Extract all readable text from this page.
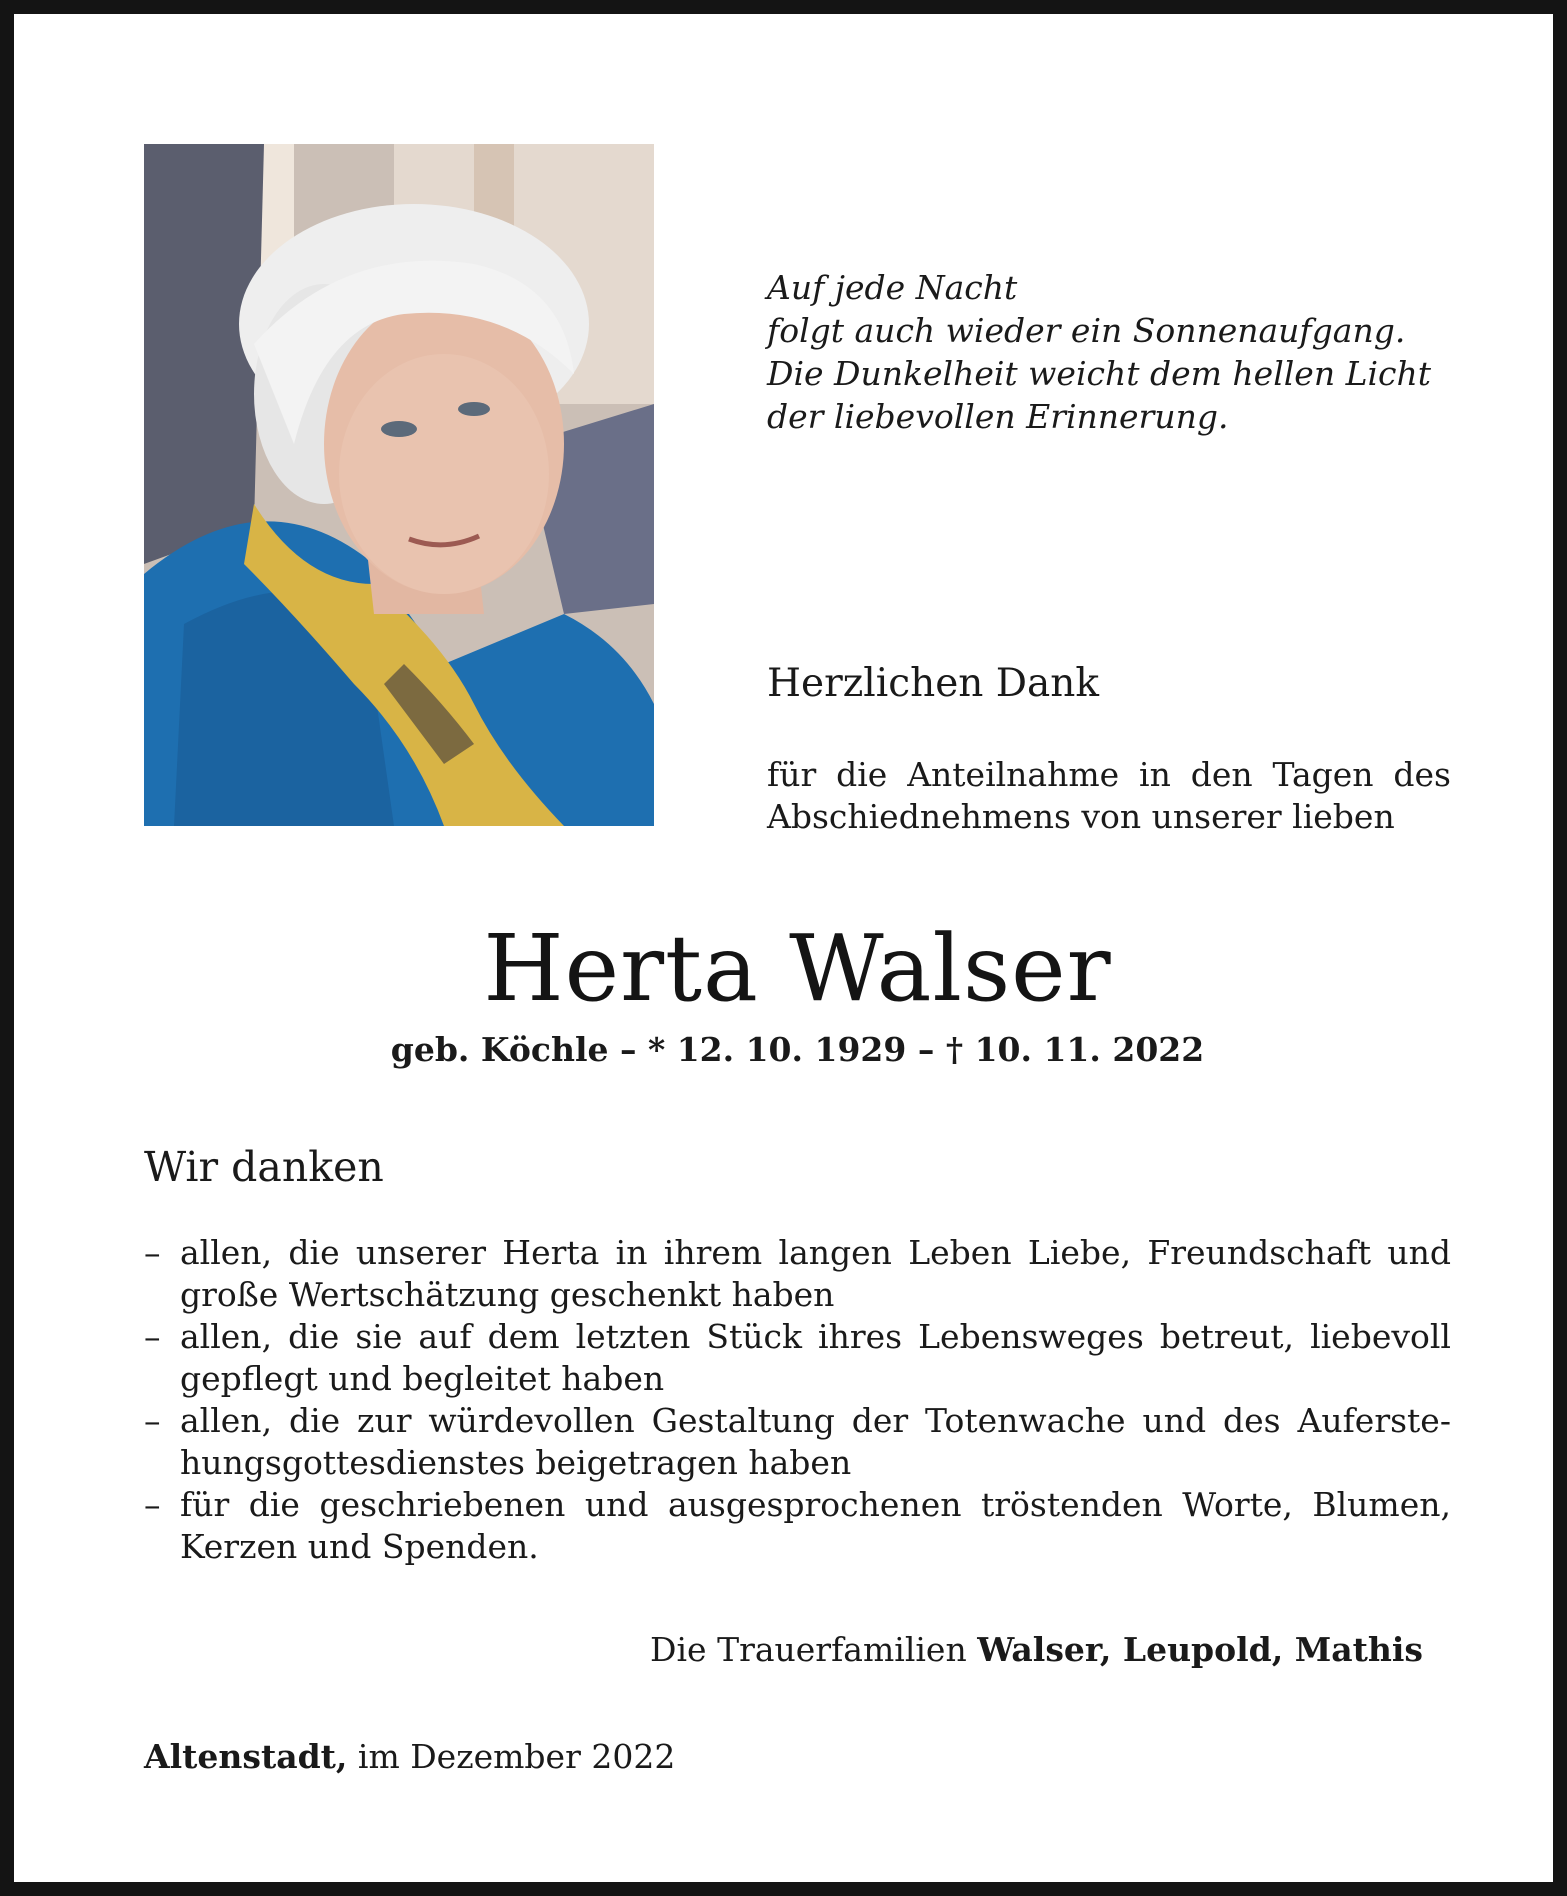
Auf jede Nacht
folgt auch wieder ein Sonnenaufgang.
Die Dunkelheit weicht dem hellen Licht
der liebevollen Erinnerung.
Herzlichen Dank
für die Anteilnahme in den Tagen des
Abschiednehmens von unserer lieben
Herta Walser
geb. Köchle – * 12. 10. 1929 – † 10. 11. 2022
Wir danken
– allen, die unserer Herta in ihrem langen Leben Liebe, Freundschaft und
große Wertschätzung geschenkt haben
– allen, die sie auf dem letzten Stück ihres Lebensweges betreut, liebevoll
gepflegt und begleitet haben
– allen, die zur würdevollen Gestaltung der Totenwache und des Auferste-
hungsgottesdienstes beigetragen haben
– für die geschriebenen und ausgesprochenen tröstenden Worte, Blumen,
Kerzen und Spenden.
Die Trauerfamilien Walser, Leupold, Mathis
Altenstadt, im Dezember 2022
